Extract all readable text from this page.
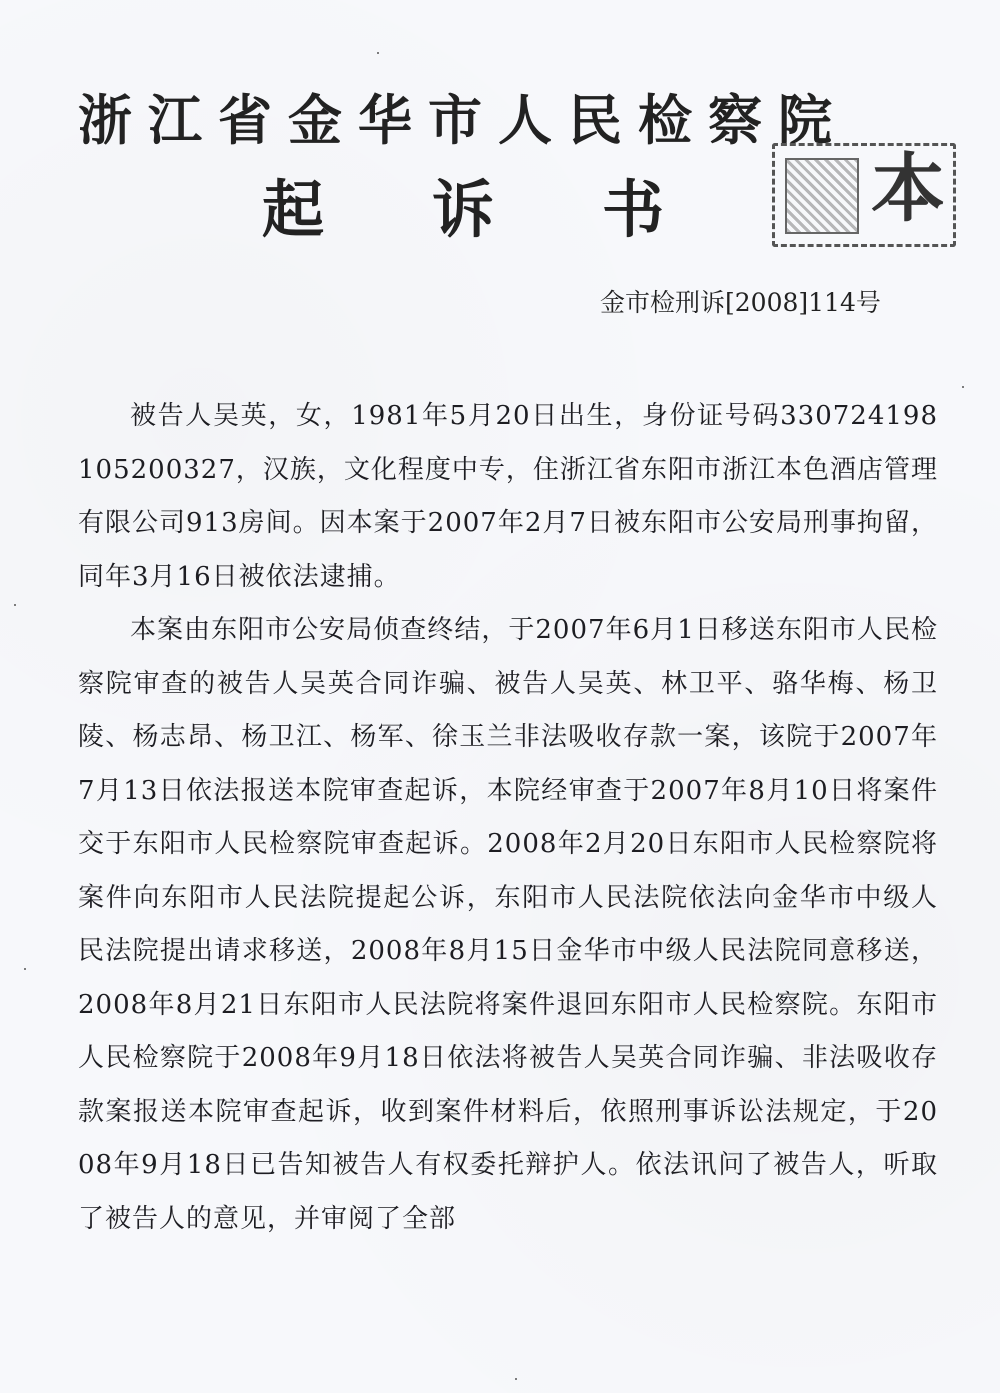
浙江省金华市人民检察院
起诉书 本
金市检刑诉[2008]114号

被告人吴英，女，1981年5月20日出生，身份证号码330724198105200327，汉族，文化程度中专，住浙江省东阳市浙江本色酒店管理有限公司913房间。因本案于2007年2月7日被东阳市公安局刑事拘留，同年3月16日被依法逮捕。

本案由东阳市公安局侦查终结，于2007年6月1日移送东阳市人民检察院审查的被告人吴英合同诈骗、被告人吴英、林卫平、骆华梅、杨卫陵、杨志昂、杨卫江、杨军、徐玉兰非法吸收存款一案，该院于2007年7月13日依法报送本院审查起诉，本院经审查于2007年8月10日将案件交于东阳市人民检察院审查起诉。2008年2月20日东阳市人民检察院将案件向东阳市人民法院提起公诉，东阳市人民法院依法向金华市中级人民法院提出请求移送，2008年8月15日金华市中级人民法院同意移送，2008年8月21日东阳市人民法院将案件退回东阳市人民检察院。东阳市人民检察院于2008年9月18日依法将被告人吴英合同诈骗、非法吸收存款案报送本院审查起诉，收到案件材料后，依照刑事诉讼法规定，于2008年9月18日已告知被告人有权委托辩护人。依法讯问了被告人，听取了被告人的意见，并审阅了全部
